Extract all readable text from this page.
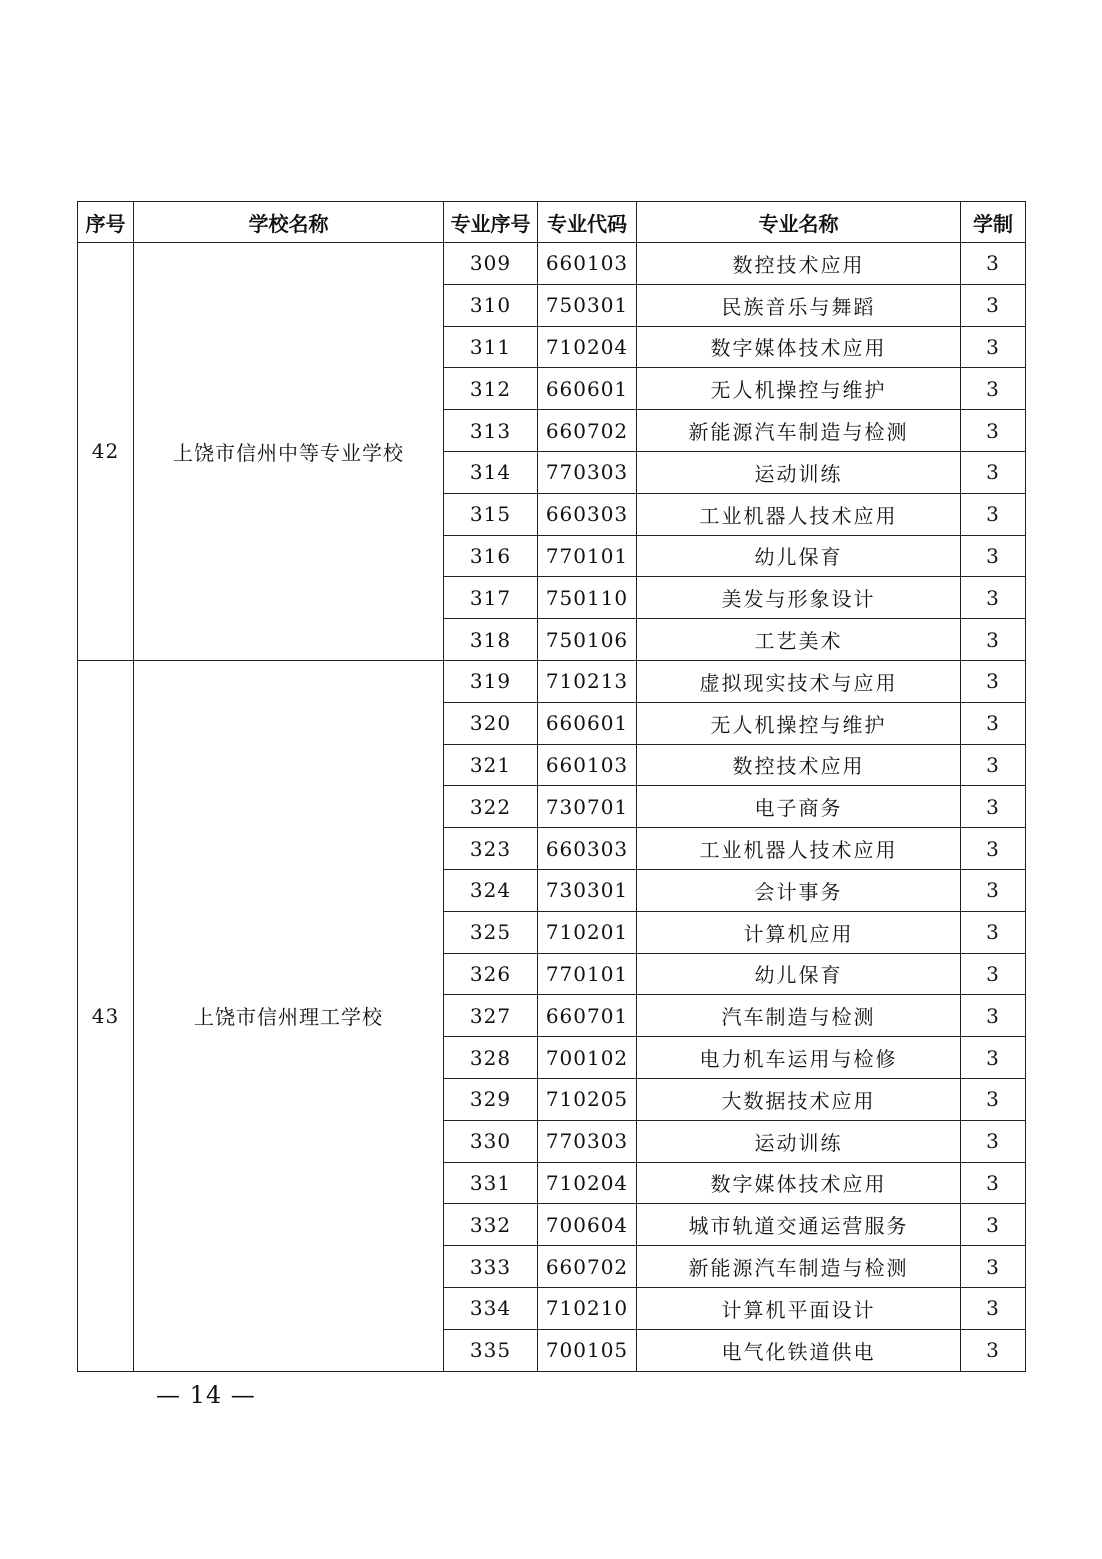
序号	学校名称	专业序号	专业代码	专业名称	学制
42	上饶市信州中等专业学校	309	660103	数控技术应用	3
		310	750301	民族音乐与舞蹈	3
		311	710204	数字媒体技术应用	3
		312	660601	无人机操控与维护	3
		313	660702	新能源汽车制造与检测	3
		314	770303	运动训练	3
		315	660303	工业机器人技术应用	3
		316	770101	幼儿保育	3
		317	750110	美发与形象设计	3
		318	750106	工艺美术	3
43	上饶市信州理工学校	319	710213	虚拟现实技术与应用	3
		320	660601	无人机操控与维护	3
		321	660103	数控技术应用	3
		322	730701	电子商务	3
		323	660303	工业机器人技术应用	3
		324	730301	会计事务	3
		325	710201	计算机应用	3
		326	770101	幼儿保育	3
		327	660701	汽车制造与检测	3
		328	700102	电力机车运用与检修	3
		329	710205	大数据技术应用	3
		330	770303	运动训练	3
		331	710204	数字媒体技术应用	3
		332	700604	城市轨道交通运营服务	3
		333	660702	新能源汽车制造与检测	3
		334	710210	计算机平面设计	3
		335	700105	电气化铁道供电	3
— 14 —
